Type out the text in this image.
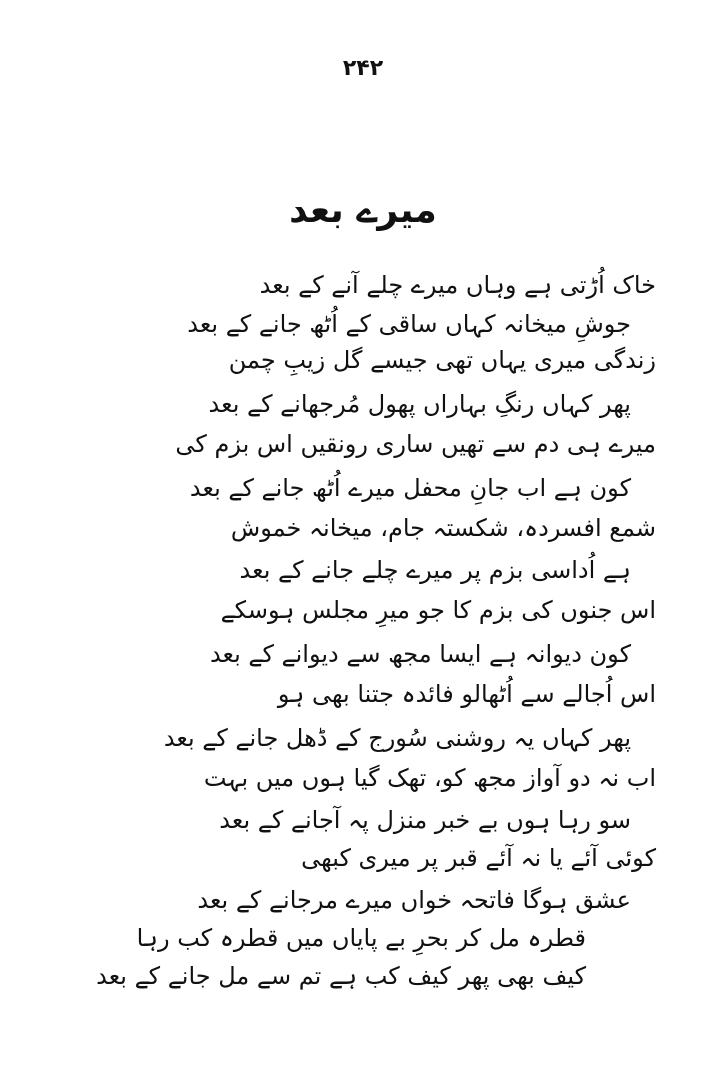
۲۴۲
میرے بعد
خاک اُڑتی ہے وہاں میرے چلے آنے کے بعد
جوشِ میخانہ کہاں ساقی کے اُٹھ جانے کے بعد
زندگی میری یہاں تھی جیسے گل زیبِ چمن
پھر کہاں رنگِ بہاراں پھول مُرجھانے کے بعد
میرے ہی دم سے تھیں ساری رونقیں اس بزم کی
کون ہے اب جانِ محفل میرے اُٹھ جانے کے بعد
شمع افسردہ، شکستہ جام، میخانہ خموش
ہے اُداسی بزم پر میرے چلے جانے کے بعد
اس جنوں کی بزم کا جو میرِ مجلس ہوسکے
کون دیوانہ ہے ایسا مجھ سے دیوانے کے بعد
اس اُجالے سے اُٹھالو فائدہ جتنا بھی ہو
پھر کہاں یہ روشنی سُورج کے ڈھل جانے کے بعد
اب نہ دو آواز مجھ کو، تھک گیا ہوں میں بہت
سو رہا ہوں بے خبر منزل پہ آجانے کے بعد
کوئی آئے یا نہ آئے قبر پر میری کبھی
عشق ہوگا فاتحہ خواں میرے مرجانے کے بعد
قطرہ مل کر بحرِ بے پایاں میں قطرہ کب رہا
کیف بھی پھر کیف کب ہے تم سے مل جانے کے بعد
